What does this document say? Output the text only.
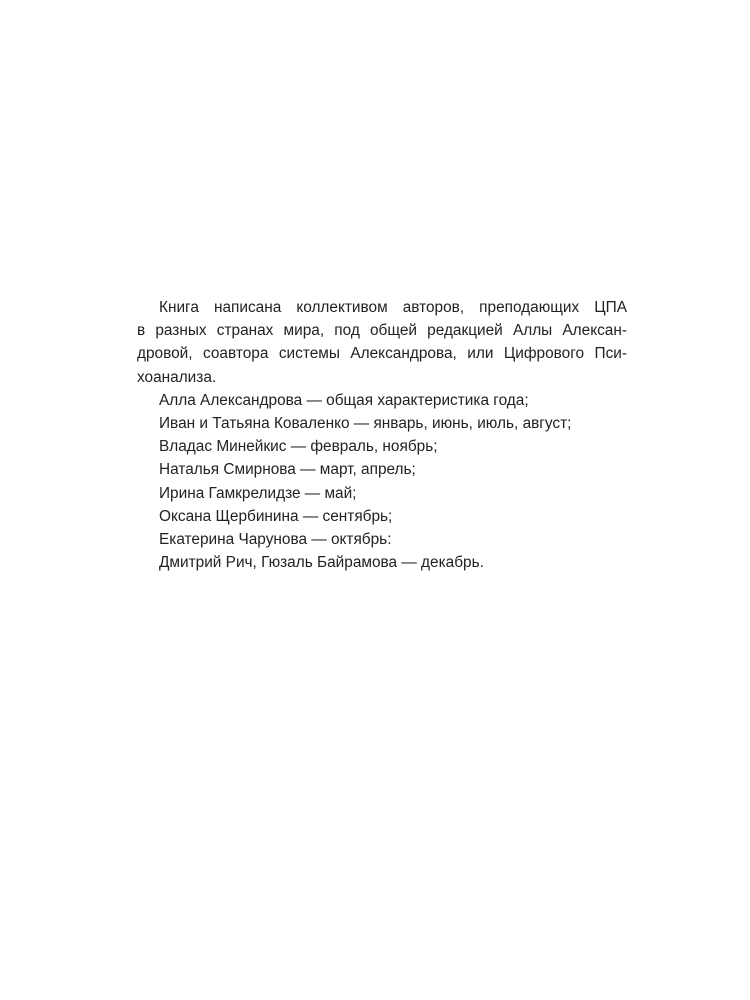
Книга написана коллективом авторов, преподающих ЦПА

в разных странах мира, под общей редакцией Аллы Алексан-

дровой, соавтора системы Александрова, или Цифрового Пси-

хоанализа.

Алла Александрова — общая характеристика года;

Иван и Татьяна Коваленко — январь, июнь, июль, август;

Владас Минейкис — февраль, ноябрь;

Наталья Смирнова — март, апрель;

Ирина Гамкрелидзе — май;

Оксана Щербинина — сентябрь;

Екатерина Чарунова — октябрь:

Дмитрий Рич, Гюзаль Байрамова — декабрь.
